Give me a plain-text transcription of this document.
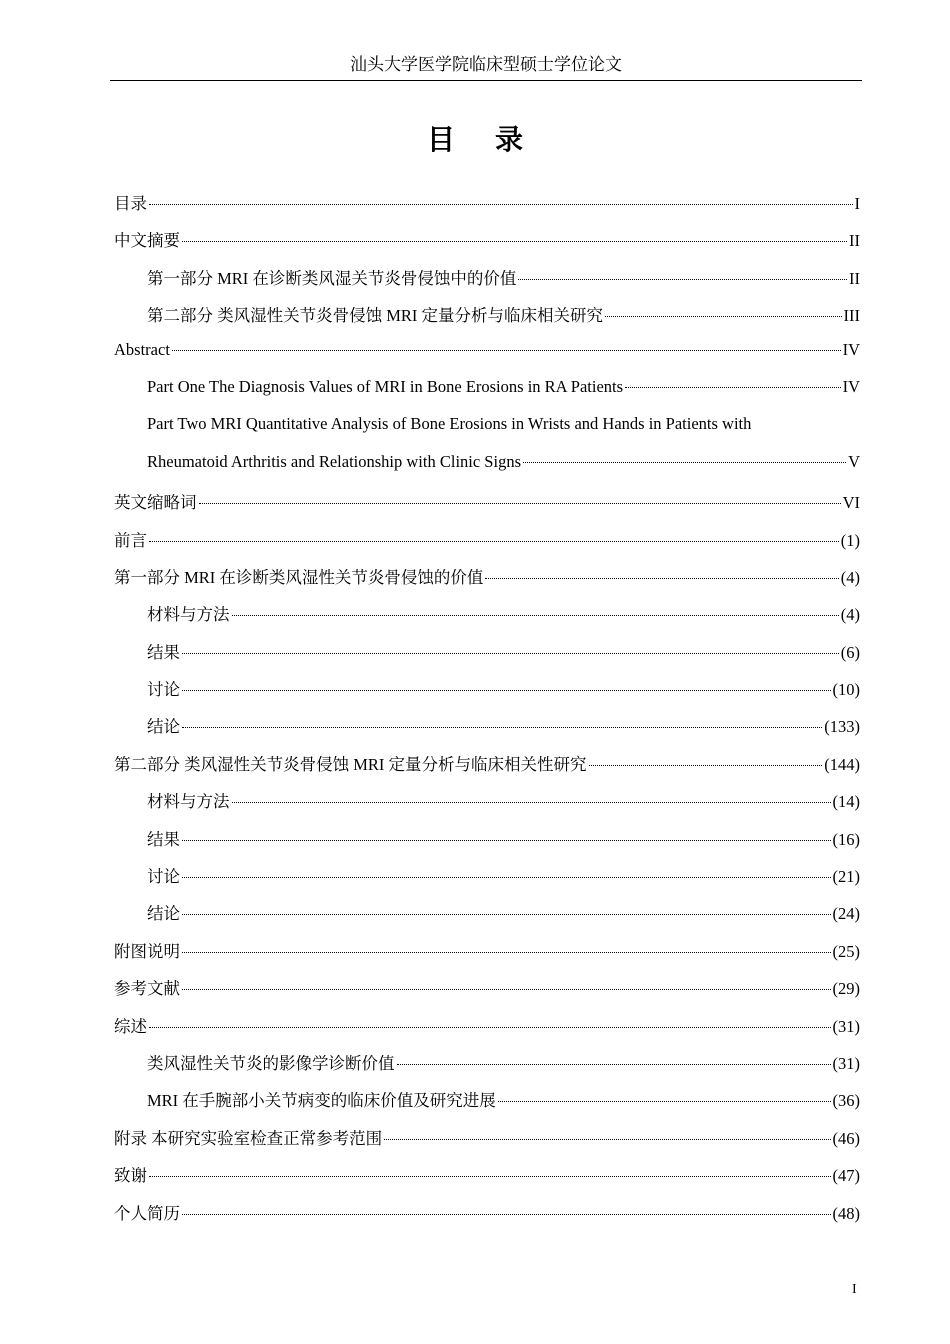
汕头大学医学院临床型硕士学位论文
目录
目录	I
中文摘要	II
第一部分 MRI 在诊断类风湿关节炎骨侵蚀中的价值	II
第二部分 类风湿性关节炎骨侵蚀 MRI 定量分析与临床相关研究	III
Abstract	IV
Part One The Diagnosis Values of MRI in Bone Erosions in RA Patients	IV
Part Two MRI Quantitative Analysis of Bone Erosions in Wrists and Hands in Patients with
Rheumatoid Arthritis and Relationship with Clinic Signs	V
英文缩略词	VI
前言	(1)
第一部分 MRI 在诊断类风湿性关节炎骨侵蚀的价值	(4)
材料与方法	(4)
结果	(6)
讨论	(10)
结论	(133)
第二部分 类风湿性关节炎骨侵蚀 MRI 定量分析与临床相关性研究	(144)
材料与方法	(14)
结果	(16)
讨论	(21)
结论	(24)
附图说明	(25)
参考文献	(29)
综述	(31)
类风湿性关节炎的影像学诊断价值	(31)
MRI 在手腕部小关节病变的临床价值及研究进展	(36)
附录 本研究实验室检查正常参考范围	(46)
致谢	(47)
个人简历	(48)
I
